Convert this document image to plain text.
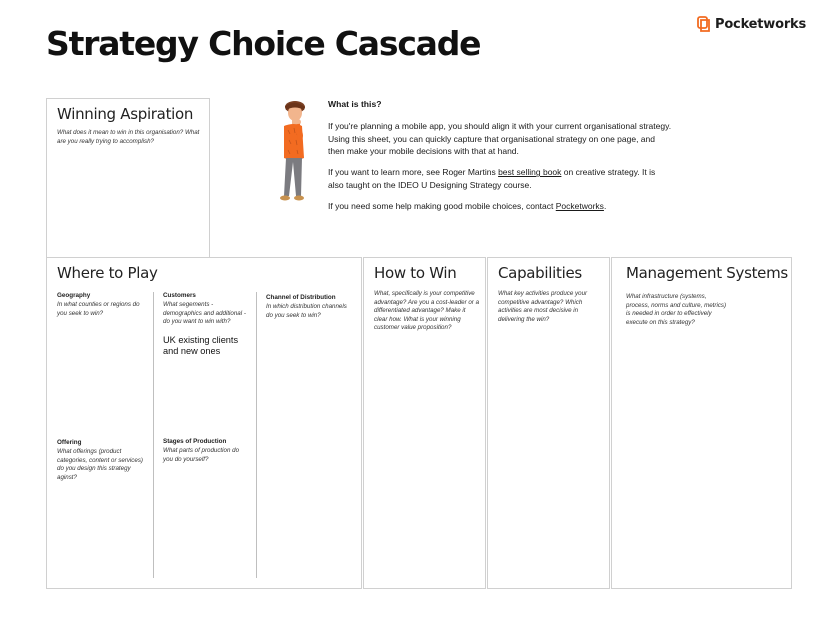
Pocketworks
Strategy Choice Cascade
Winning Aspiration
What does it mean to win in this organisation? What are you really trying to accomplish?
What is this?

If you're planning a mobile app, you should align it with your current organisational strategy. Using this sheet, you can quickly capture that organisational strategy on one page, and then make your mobile decisions with that at hand.

If you want to learn more, see Roger Martins best selling book on creative strategy. It is also taught on the IDEO U Designing Strategy course.

If you need some help making good mobile choices, contact Pocketworks.

Where to Play
Geography
In what counties or regions do you seek to win?
Customers
What segements - demographics and additional - do you want to win with?
UK existing clients and new ones
Channel of Distribution
In which distribution channels do you seek to win?
Offering
What offerings (product categories, content or services) do you design this strategy aginst?
Stages of Production
What parts of production do you do yourself?
How to Win
What, specifically is your competitive advantage? Are you a cost-leader or a differentiated advantage? Make it clear how. What is your winning customer value proposition?
Capabilities
What key activities produce your competitive advantage? Which activities are most decisive in delivering the win?
Management Systems
What infrastructure (systems, process, norms and culture, metrics) is needed in order to effectively execute on this strategy?
